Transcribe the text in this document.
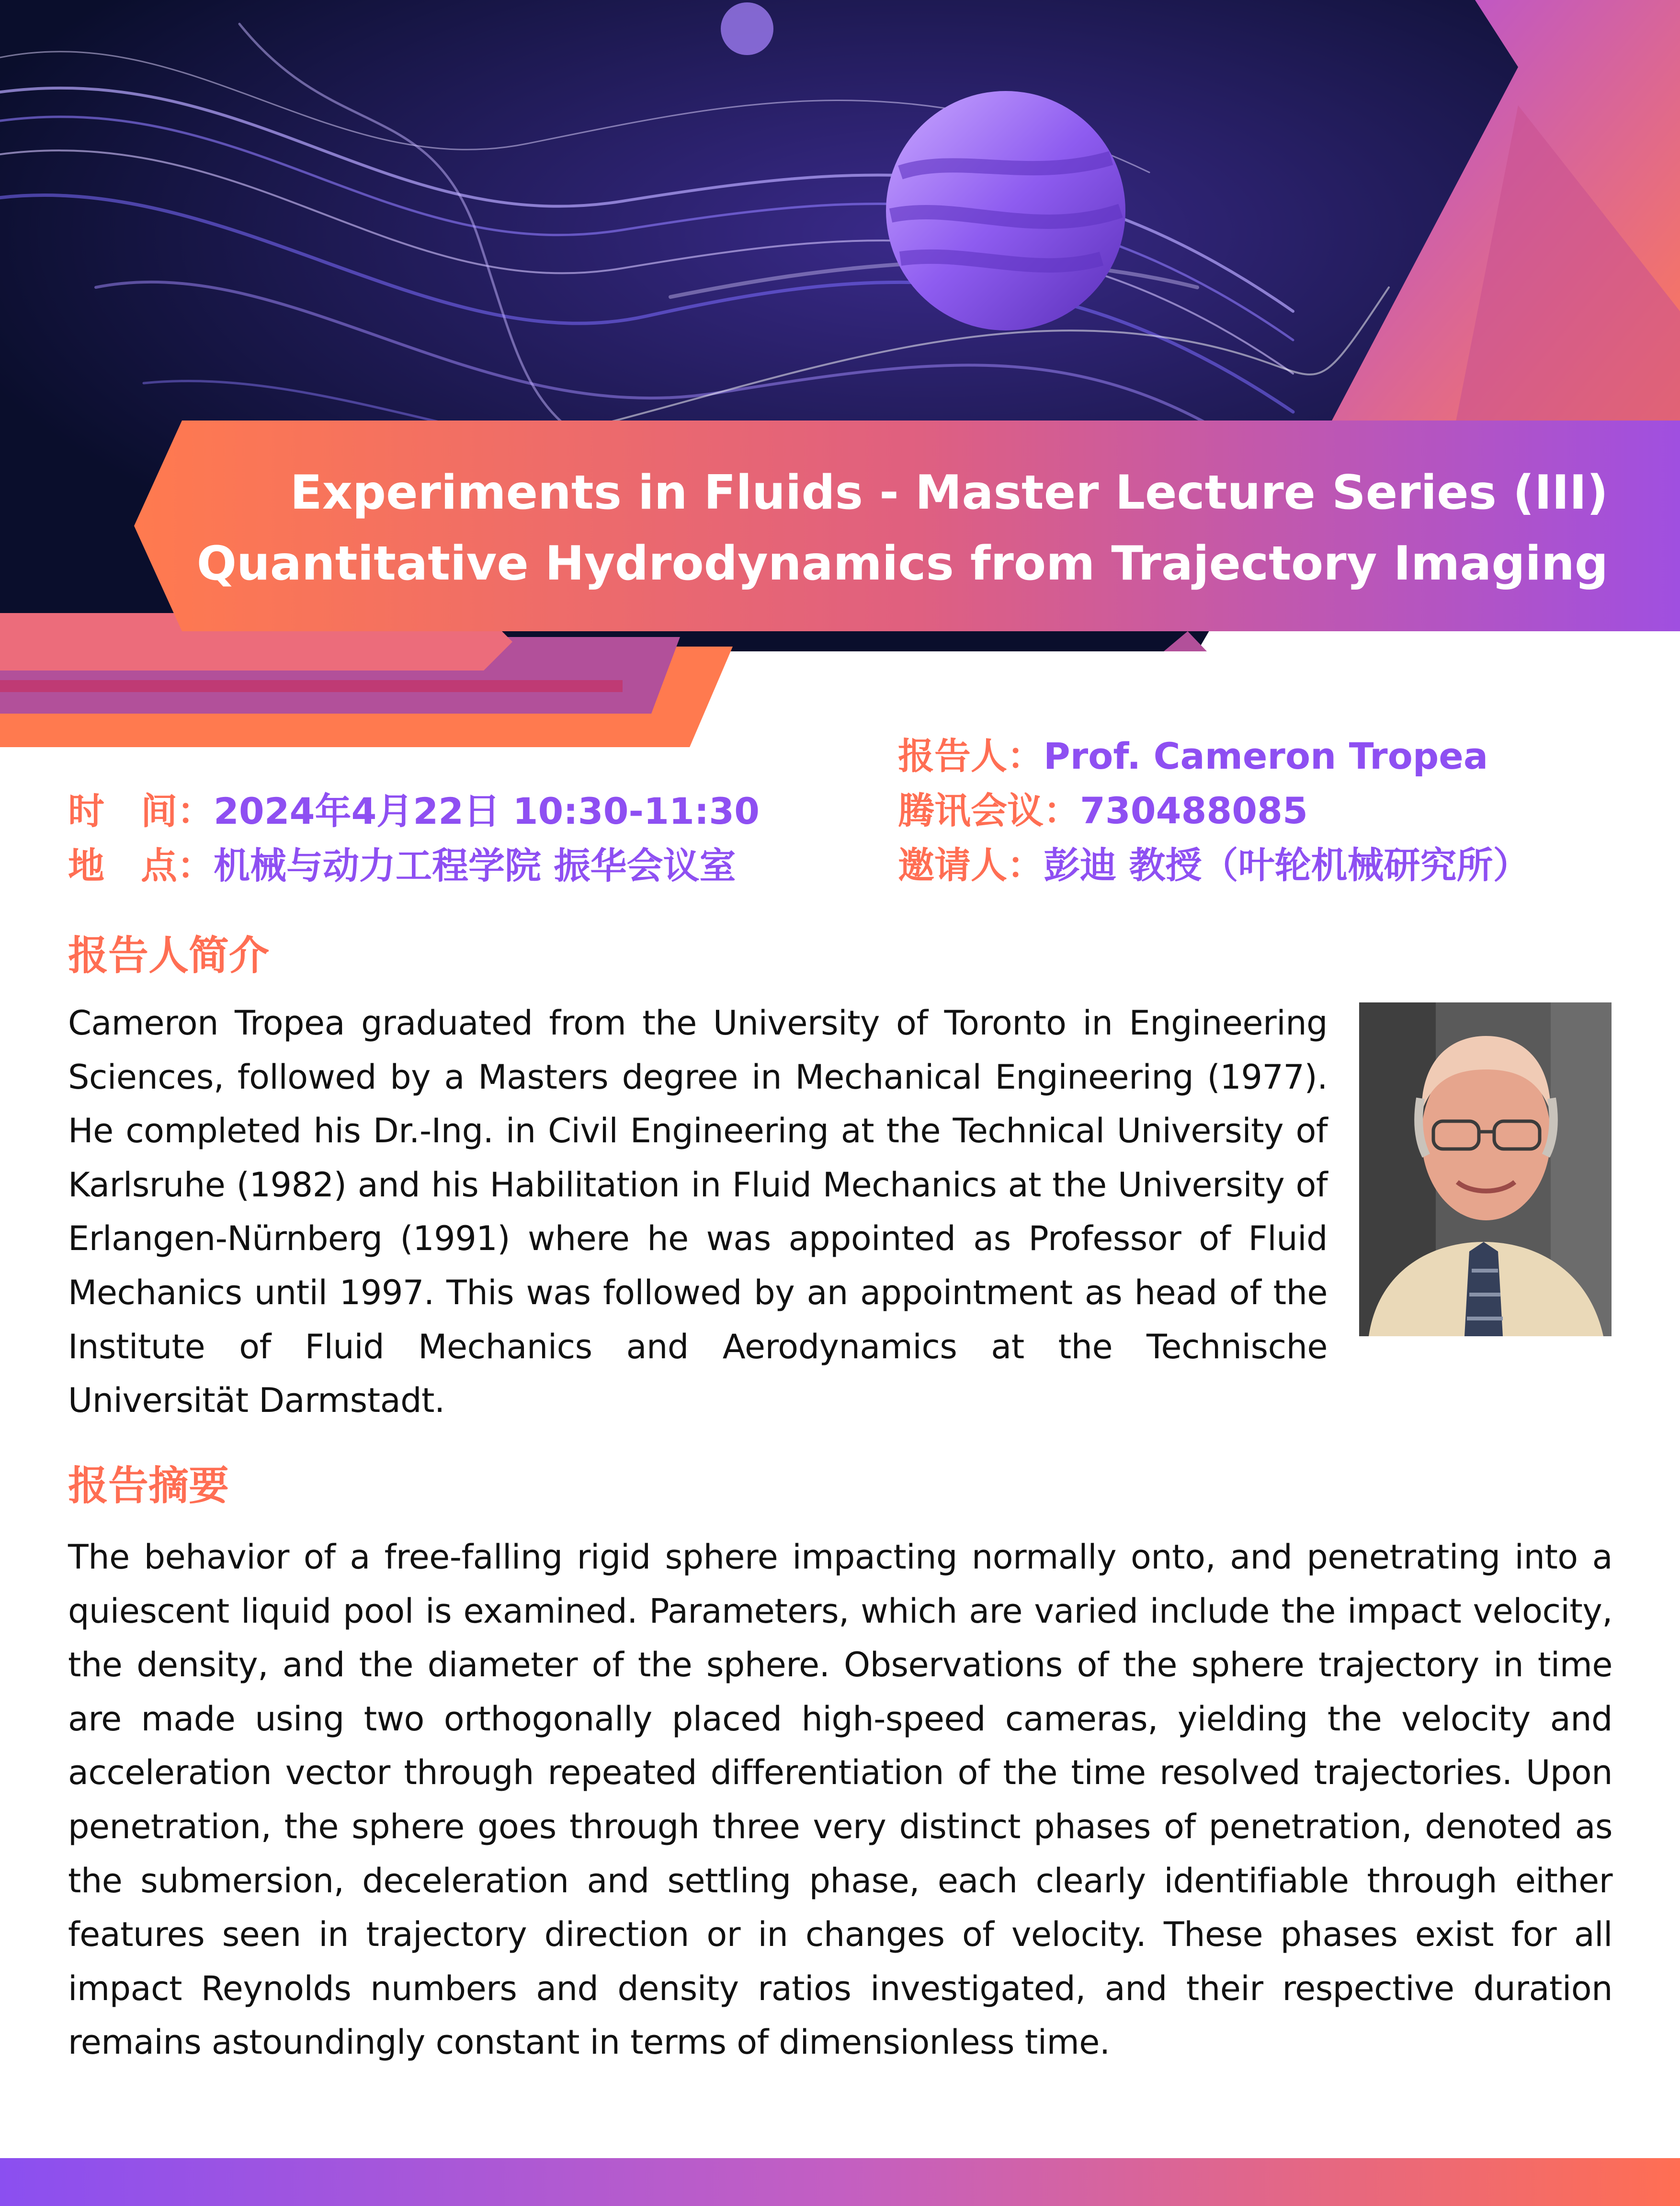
Experiments in Fluids - Master Lecture Series (III)
Quantitative Hydrodynamics from Trajectory Imaging
报告人：Prof. Cameron Tropea
腾讯会议：730488085
邀请人：彭迪 教授（叶轮机械研究所）
时　间：2024年4月22日 10:30-11:30
地　点：机械与动力工程学院 振华会议室
报告人简介
Cameron Tropea graduated from the University of Toronto in Engineering Sciences, followed by a Masters degree in Mechanical Engineering (1977). He completed his Dr.-Ing. in Civil Engineering at the Technical University of Karlsruhe (1982) and his Habilitation in Fluid Mechanics at the University of Erlangen-Nürnberg (1991) where he was appointed as Professor of Fluid Mechanics until 1997. This was followed by an appointment as head of the Institute of Fluid Mechanics and Aerodynamics at the Technische Universität Darmstadt.
报告摘要
The behavior of a free-falling rigid sphere impacting normally onto, and penetrating into a quiescent liquid pool is examined. Parameters, which are varied include the impact velocity, the density, and the diameter of the sphere. Observations of the sphere trajectory in time are made using two orthogonally placed high-speed cameras, yielding the velocity and acceleration vector through repeated differentiation of the time resolved trajectories. Upon penetration, the sphere goes through three very distinct phases of penetration, denoted as the submersion, deceleration and settling phase, each clearly identifiable through either features seen in trajectory direction or in changes of velocity. These phases exist for all impact Reynolds numbers and density ratios investigated, and their respective duration remains astoundingly constant in terms of dimensionless time.
